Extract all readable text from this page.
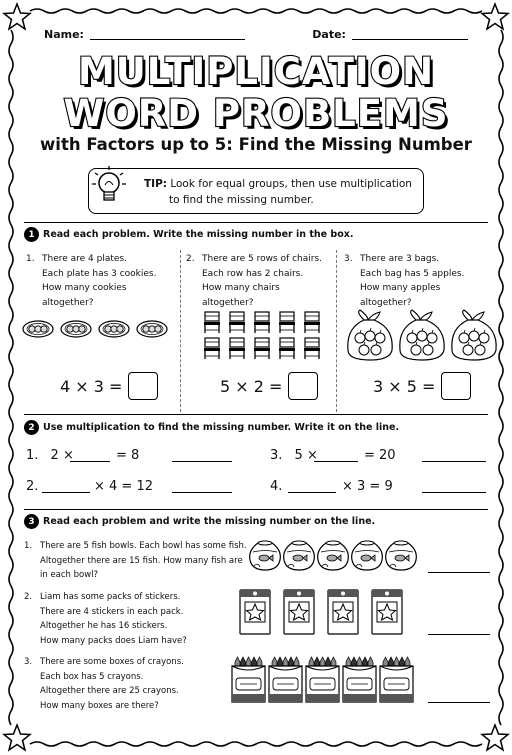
Name:	Date:
MULTIPLICATION
WORD PROBLEMS
with Factors up to 5: Find the Missing Number
TIP: Look for equal groups, then use multiplication
to find the missing number.
1 Read each problem. Write the missing number in the box.
1. There are 4 plates.
Each plate has 3 cookies.
How many cookies
altogether?
2. There are 5 rows of chairs.
Each row has 2 chairs.
How many chairs
altogether?
3. There are 3 bags.
Each bag has 5 apples.
How many apples
altogether?
4 × 3 =	5 × 2 =	3 × 5 =
2 Use multiplication to find the missing number. Write it on the line.
1. 2 ×	= 8	3. 5 ×	= 20
2.	× 4 = 12	4.	× 3 = 9
3 Read each problem and write the missing number on the line.
1. There are 5 fish bowls. Each bowl has some fish.
Altogether there are 15 fish. How many fish are
in each bowl?
2. Liam has some packs of stickers.
There are 4 stickers in each pack.
Altogether he has 16 stickers.
How many packs does Liam have?
3. There are some boxes of crayons.
Each box has 5 crayons.
Altogether there are 25 crayons.
How many boxes are there?
